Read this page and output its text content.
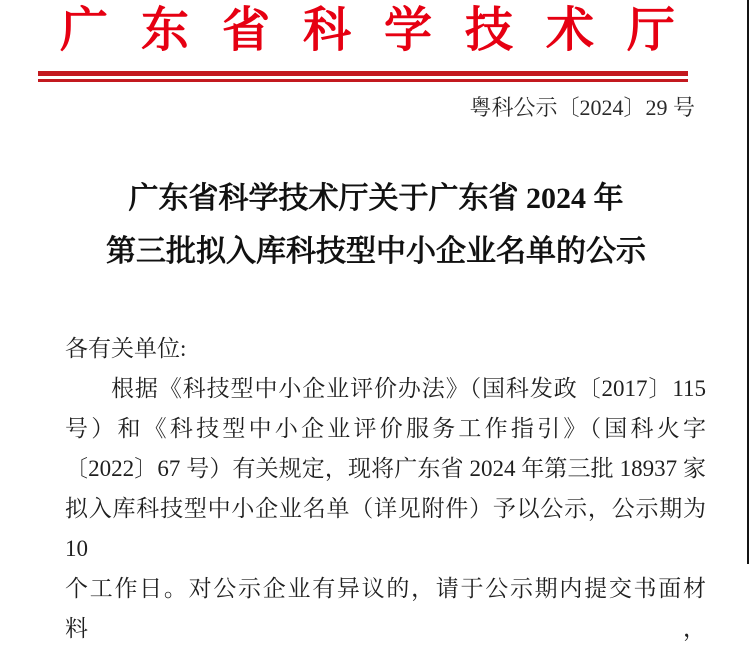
广东省科学技术厅
粤科公示〔2024〕29 号
广东省科学技术厅关于广东省 2024 年
第三批拟入库科技型中小企业名单的公示
各有关单位:
根据《科技型中小企业评价办法》（国科发政〔2017〕115
号）和《科技型中小企业评价服务工作指引》（国科火字
〔2022〕67 号）有关规定，现将广东省 2024 年第三批 18937 家
拟入库科技型中小企业名单（详见附件）予以公示，公示期为 10
个工作日。对公示企业有异议的，请于公示期内提交书面材料，
